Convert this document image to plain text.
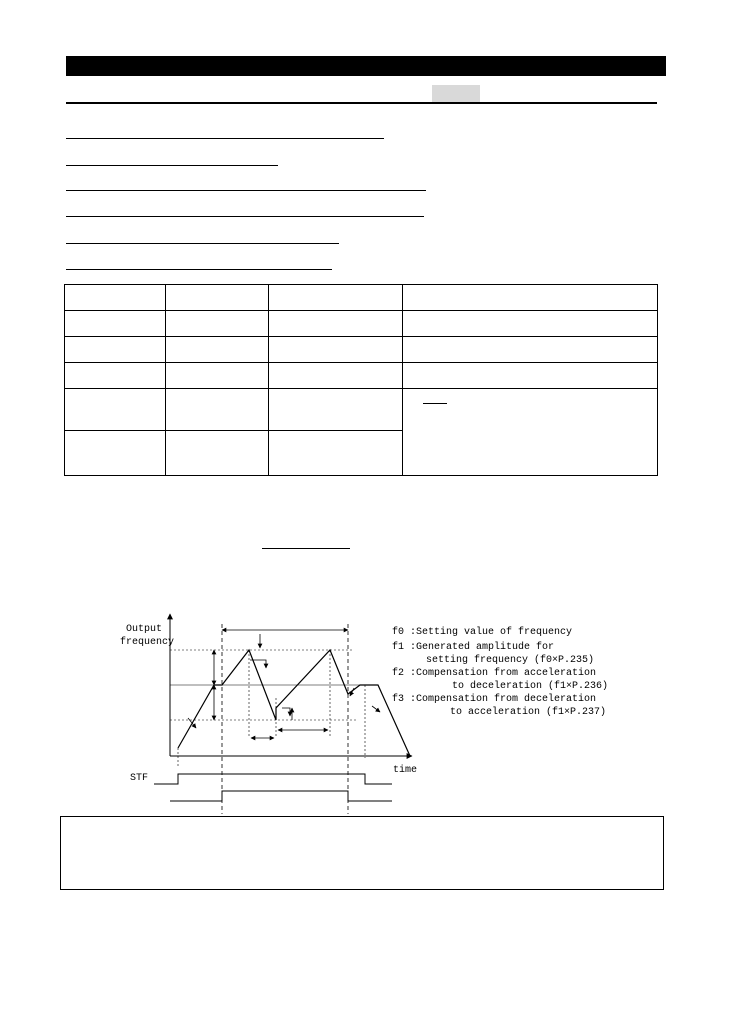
Output
frequency
time
STF
f0 :Setting value of frequency
f1 :Generated amplitude for
setting frequency (f0×P.235)
f2 :Compensation from acceleration
to deceleration (f1×P.236)
f3 :Compensation from deceleration
to acceleration (f1×P.237)
